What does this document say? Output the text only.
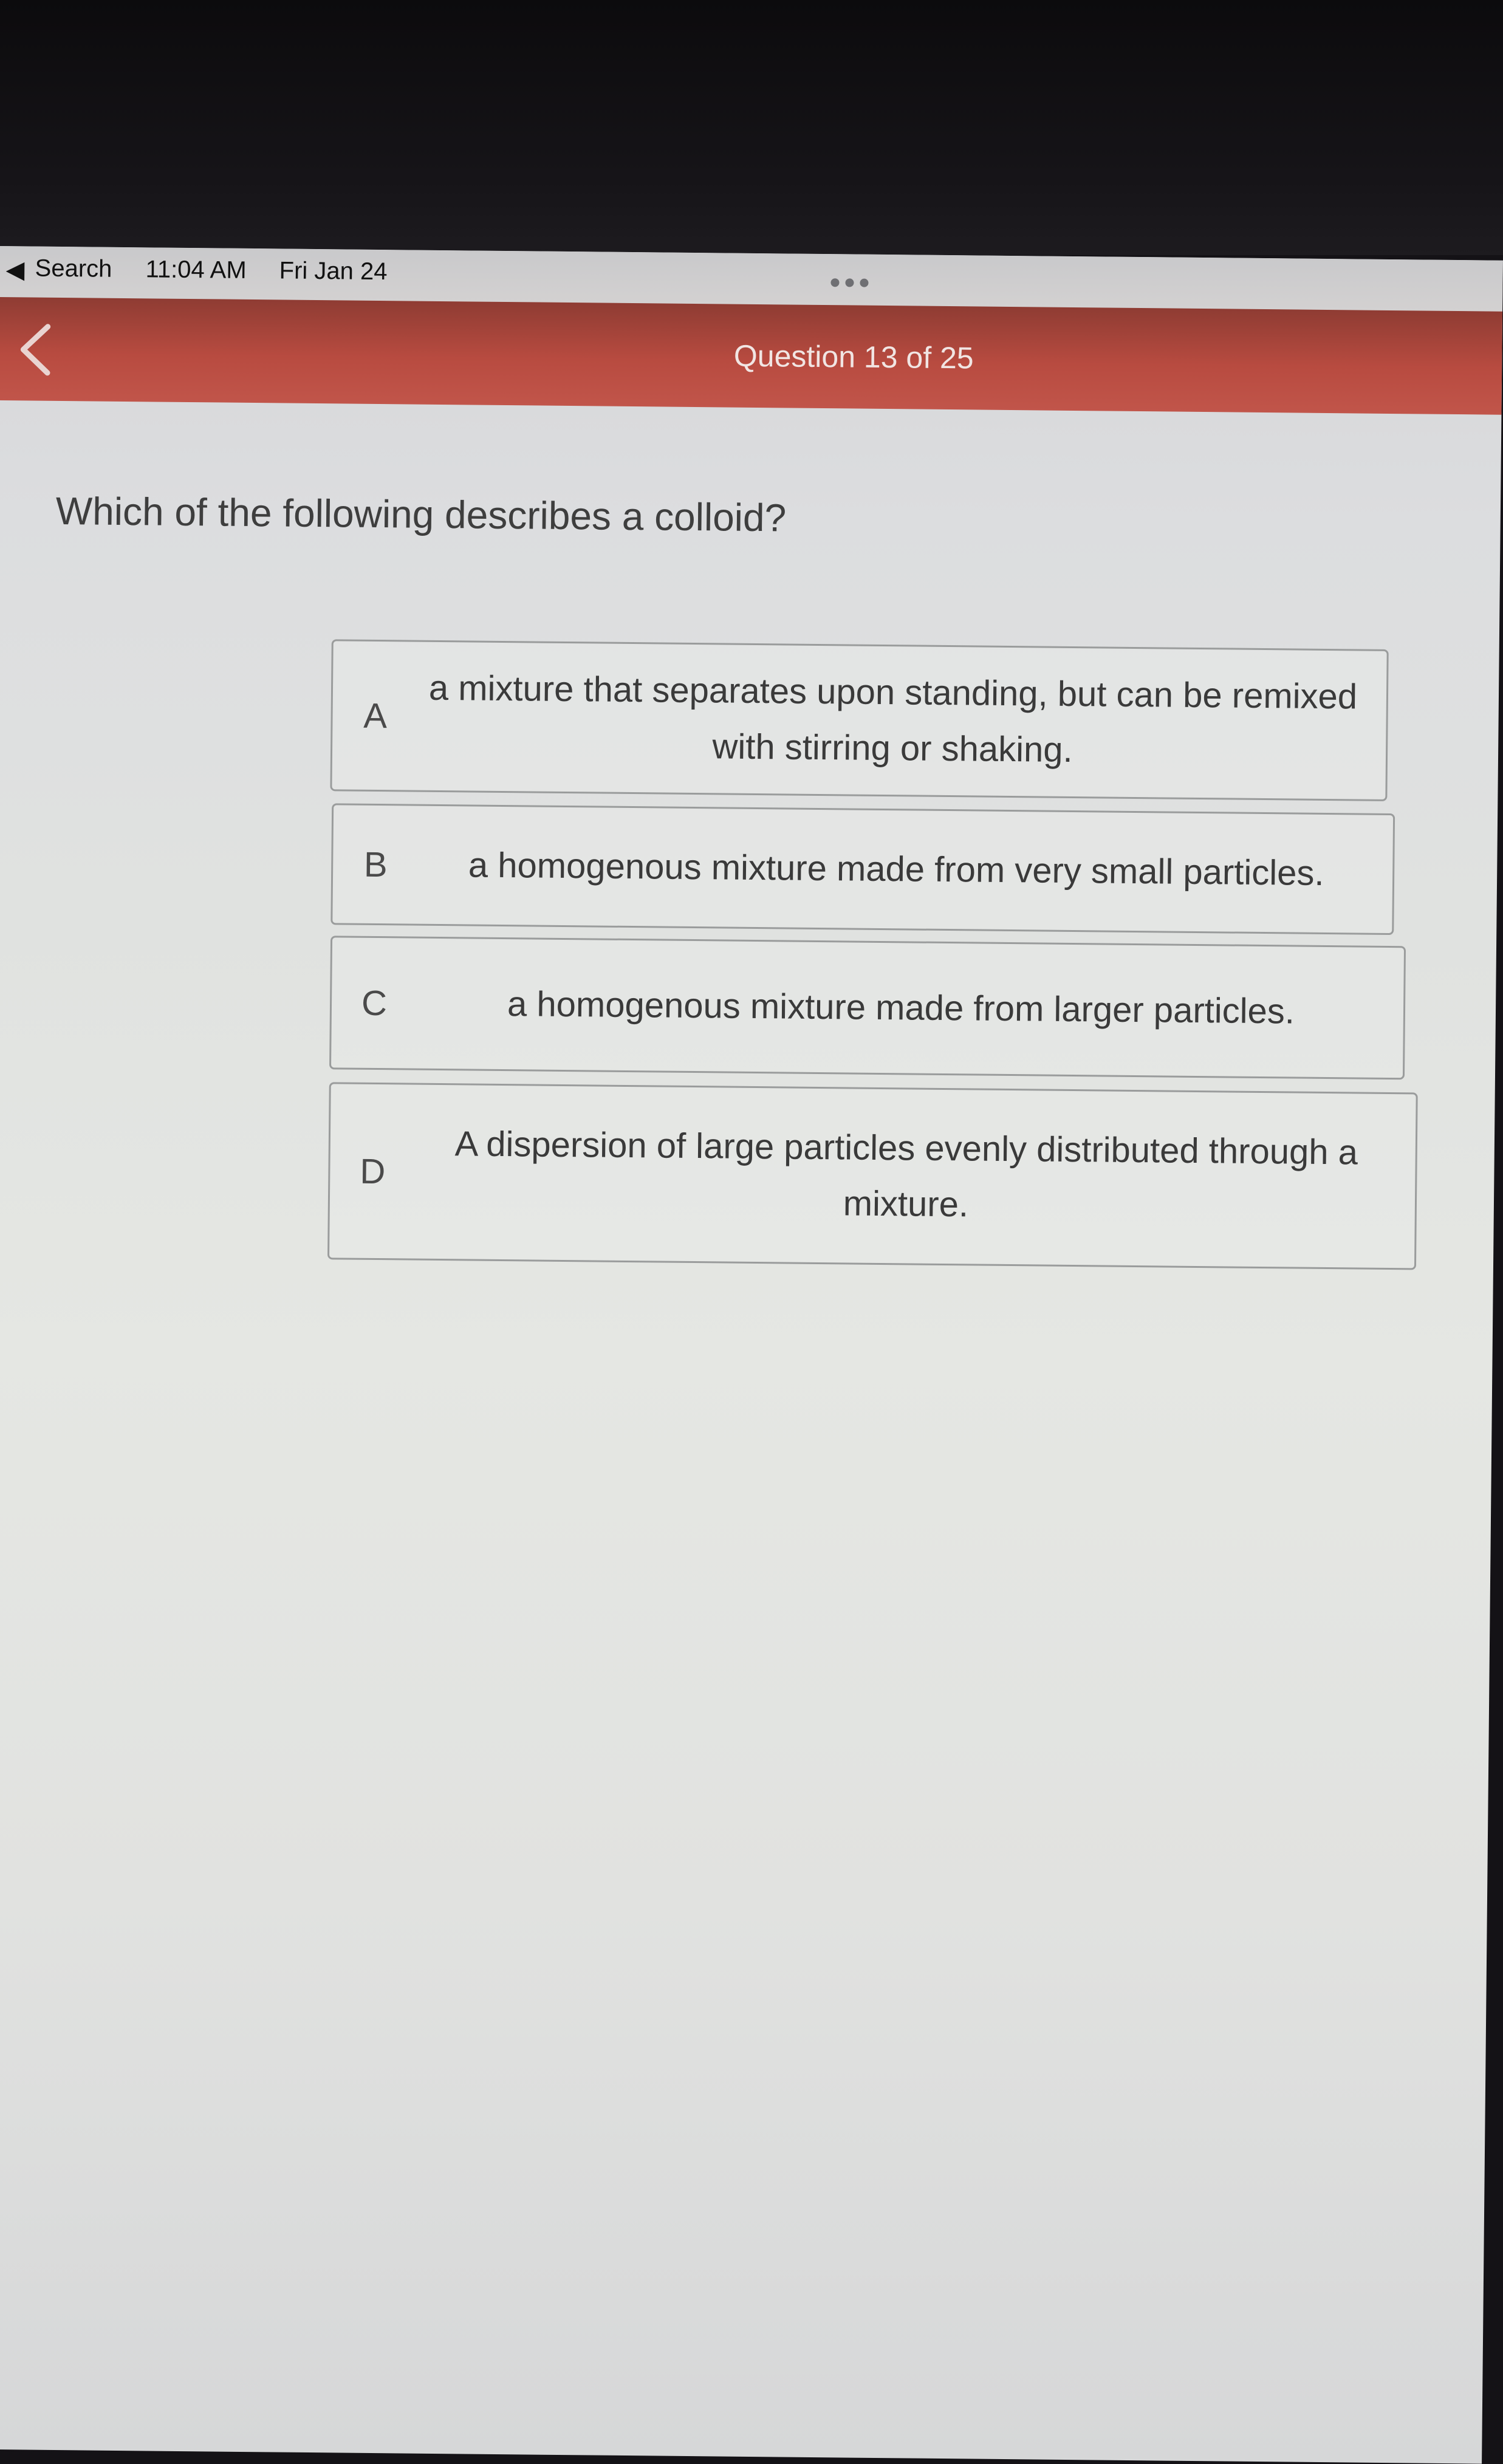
◀ Search 11:04 AM Fri Jan 24
Question 13 of 25
Which of the following describes a colloid?
A	a mixture that separates upon standing, but can be remixed with stirring or shaking.
B	a homogenous mixture made from very small particles.
C	a homogenous mixture made from larger particles.
D	A dispersion of large particles evenly distributed through a mixture.
